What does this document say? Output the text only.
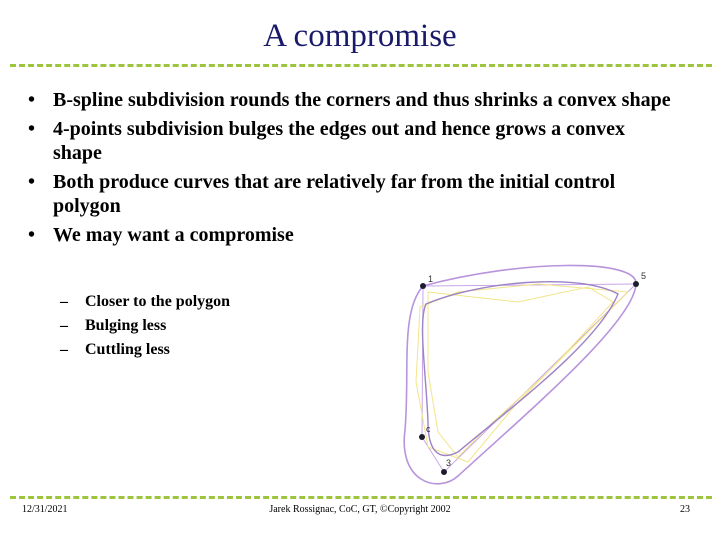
A compromise
• B-spline subdivision rounds the corners and thus shrinks a convex shape
• 4-points subdivision bulges the edges out and hence grows a convex shape
• Both produce curves that are relatively far from the initial control polygon
• We may want a compromise
– Closer to the polygon
– Bulging less
– Cuttling less
1	5
c
3
12/31/2021	Jarek Rossignac, CoC, GT, ©Copyright 2002	23
